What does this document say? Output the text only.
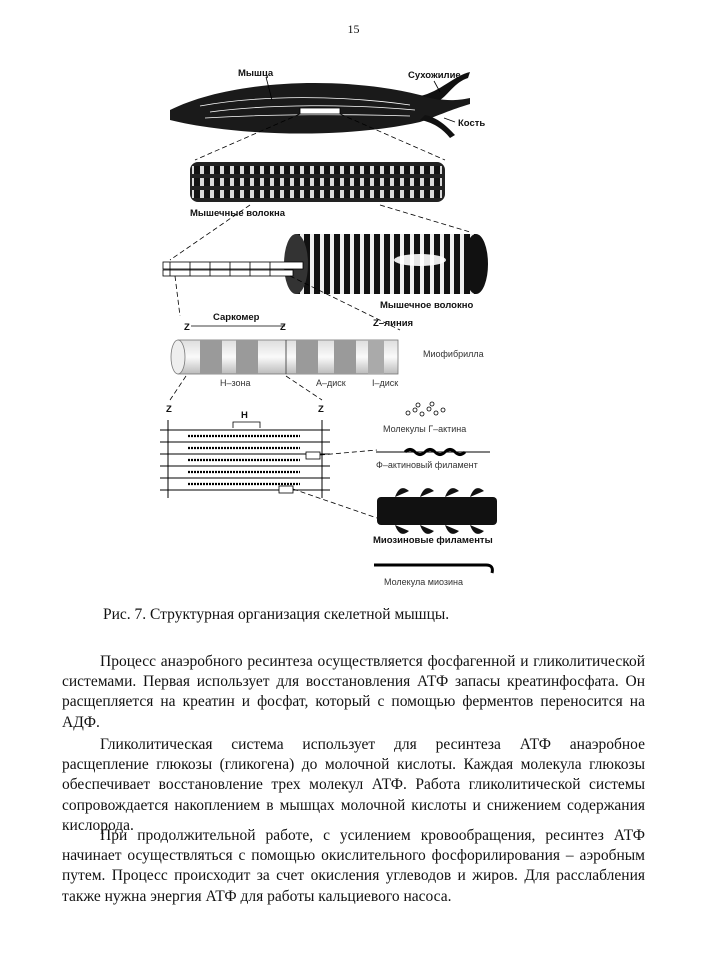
15
Мышца	Сухожилие
Кость
Мышечные волокна
Мышечное волокно
Саркомер
Z	Z	Z–линия
Миофибрилла
H–зона	A–диск	I–диск
Z	Z
H
Молекулы Г–актина
Ф–актиновый филамент
Миозиновые филаменты
Молекула миозина
Рис. 7. Структурная организация скелетной мышцы.

Процесс анаэробного ресинтеза осуществляется фосфагенной и гликолитической системами. Первая использует для восстановления АТФ запасы креатинфосфата. Он расщепляется на креатин и фосфат, который с помощью ферментов переносится на АДФ.

Гликолитическая система использует для ресинтеза АТФ анаэробное расщепление глюкозы (гликогена) до молочной кислоты. Каждая молекула глюкозы обеспечивает восстановление трех молекул АТФ. Работа гликолитической системы сопровождается накоплением в мышцах молочной кислоты и снижением содержания кислорода.

При продолжительной работе, с усилением кровообращения, ресинтез АТФ начинает осуществляться с помощью окислительного фосфорилирования – аэробным путем. Процесс происходит за счет окисления углеводов и жиров. Для расслабления также нужна энергия АТФ для работы кальциевого насоса.
